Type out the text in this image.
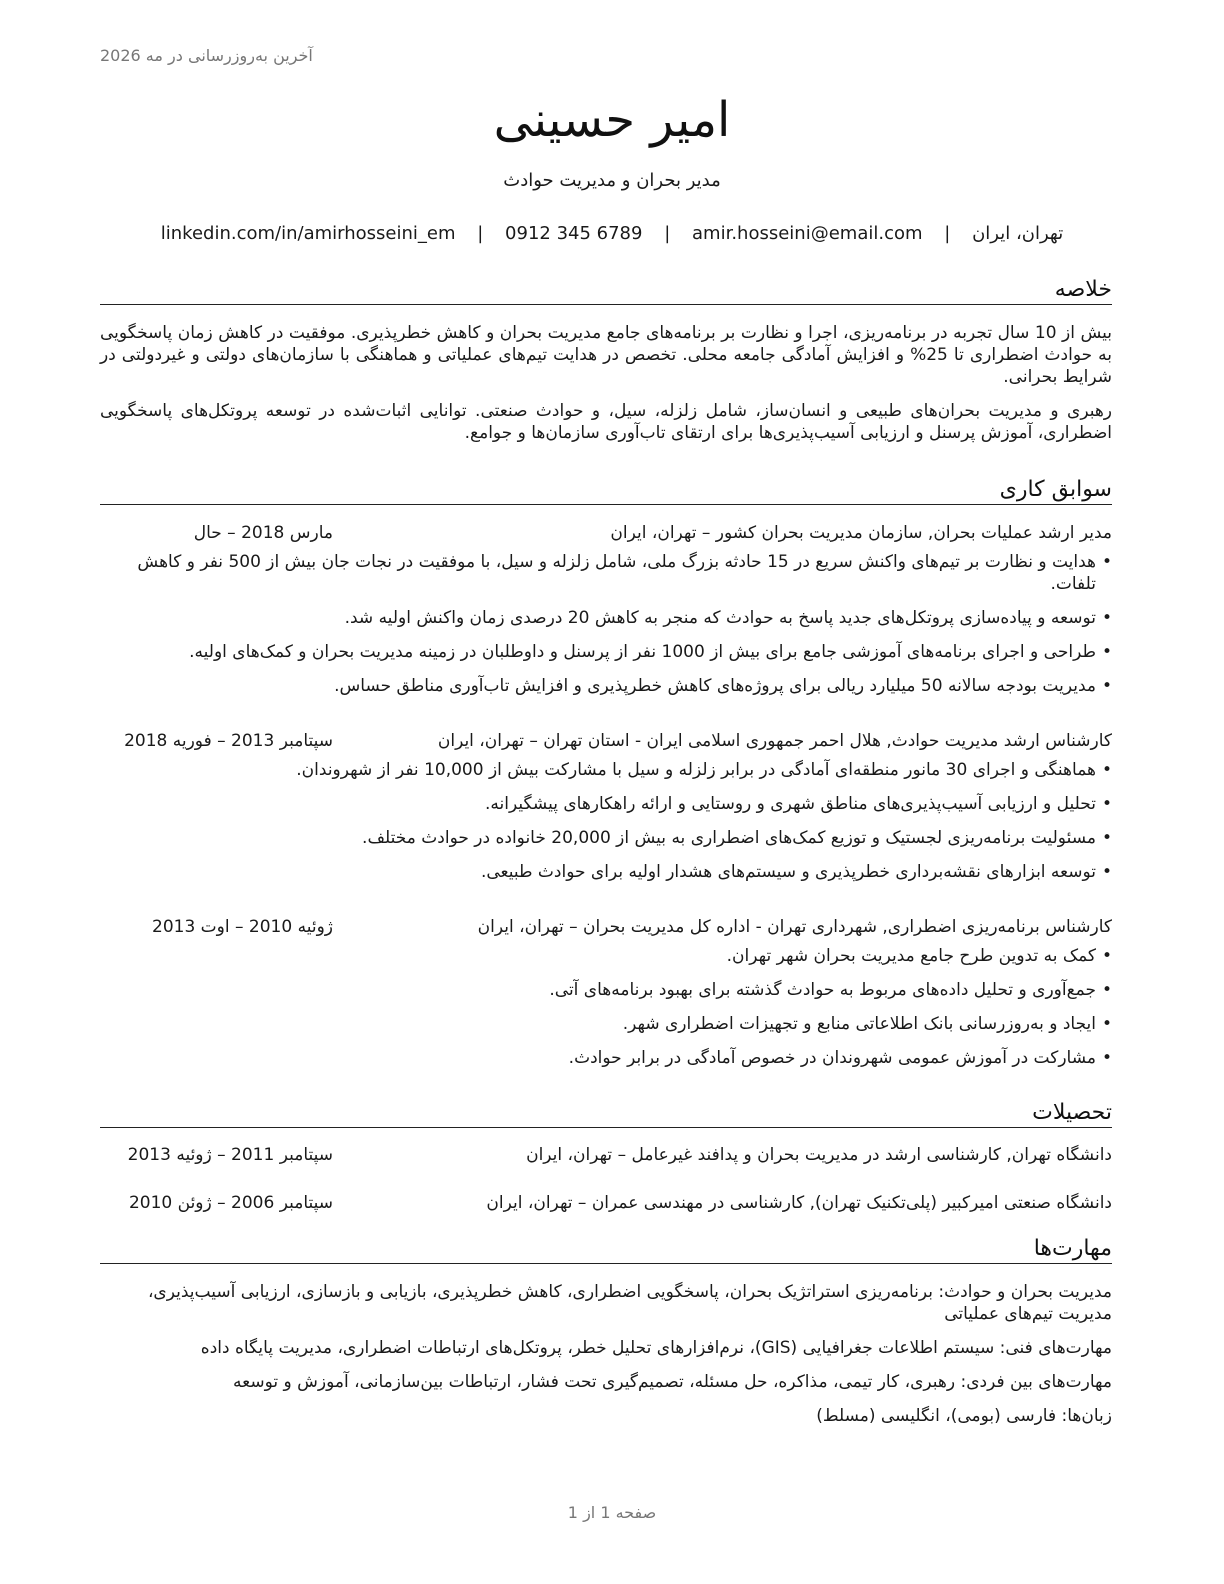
آخرین به‌روزرسانی در مه 2026
امیر حسینی
مدیر بحران و مدیریت حوادث
تهران، ایران | amir.hosseini@email.com | 0912 345 6789 | linkedin.com/in/amirhosseini_em
خلاصه

بیش از 10 سال تجربه در برنامه‌ریزی، اجرا و نظارت بر برنامه‌های جامع مدیریت بحران و کاهش خطرپذیری. موفقیت در کاهش زمان پاسخگویی به حوادث اضطراری تا 25% و افزایش آمادگی جامعه محلی. تخصص در هدایت تیم‌های عملیاتی و هماهنگی با سازمان‌های دولتی و غیردولتی در شرایط بحرانی.

رهبری و مدیریت بحران‌های طبیعی و انسان‌ساز، شامل زلزله، سیل، و حوادث صنعتی. توانایی اثبات‌شده در توسعه پروتکل‌های پاسخگویی اضطراری، آموزش پرسنل و ارزیابی آسیب‌پذیری‌ها برای ارتقای تاب‌آوری سازمان‌ها و جوامع.

سوابق کاری
مدیر ارشد عملیات بحران, سازمان مدیریت بحران کشور – تهران، ایران
مارس 2018 – حال
• هدایت و نظارت بر تیم‌های واکنش سریع در 15 حادثه بزرگ ملی، شامل زلزله و سیل، با موفقیت در نجات جان بیش از 500 نفر و کاهش تلفات.
• توسعه و پیاده‌سازی پروتکل‌های جدید پاسخ به حوادث که منجر به کاهش 20 درصدی زمان واکنش اولیه شد.
• طراحی و اجرای برنامه‌های آموزشی جامع برای بیش از 1000 نفر از پرسنل و داوطلبان در زمینه مدیریت بحران و کمک‌های اولیه.
• مدیریت بودجه سالانه 50 میلیارد ریالی برای پروژه‌های کاهش خطرپذیری و افزایش تاب‌آوری مناطق حساس.
کارشناس ارشد مدیریت حوادث, هلال احمر جمهوری اسلامی ایران - استان تهران – تهران، ایران
سپتامبر 2013 – فوریه 2018
• هماهنگی و اجرای 30 مانور منطقه‌ای آمادگی در برابر زلزله و سیل با مشارکت بیش از 10,000 نفر از شهروندان.
• تحلیل و ارزیابی آسیب‌پذیری‌های مناطق شهری و روستایی و ارائه راهکارهای پیشگیرانه.
• مسئولیت برنامه‌ریزی لجستیک و توزیع کمک‌های اضطراری به بیش از 20,000 خانواده در حوادث مختلف.
• توسعه ابزارهای نقشه‌برداری خطرپذیری و سیستم‌های هشدار اولیه برای حوادث طبیعی.
کارشناس برنامه‌ریزی اضطراری, شهرداری تهران - اداره کل مدیریت بحران – تهران، ایران
ژوئیه 2010 – اوت 2013
• کمک به تدوین طرح جامع مدیریت بحران شهر تهران.
• جمع‌آوری و تحلیل داده‌های مربوط به حوادث گذشته برای بهبود برنامه‌های آتی.
• ایجاد و به‌روزرسانی بانک اطلاعاتی منابع و تجهیزات اضطراری شهر.
• مشارکت در آموزش عمومی شهروندان در خصوص آمادگی در برابر حوادث.
تحصیلات
دانشگاه تهران, کارشناسی ارشد در مدیریت بحران و پدافند غیرعامل – تهران، ایران
سپتامبر 2011 – ژوئیه 2013
دانشگاه صنعتی امیرکبیر (پلی‌تکنیک تهران), کارشناسی در مهندسی عمران – تهران، ایران
سپتامبر 2006 – ژوئن 2010
مهارت‌ها
مدیریت بحران و حوادث: برنامه‌ریزی استراتژیک بحران، پاسخگویی اضطراری، کاهش خطرپذیری، بازیابی و بازسازی، ارزیابی آسیب‌پذیری، مدیریت تیم‌های عملیاتی
مهارت‌های فنی: سیستم اطلاعات جغرافیایی (GIS)، نرم‌افزارهای تحلیل خطر، پروتکل‌های ارتباطات اضطراری، مدیریت پایگاه داده
مهارت‌های بین فردی: رهبری، کار تیمی، مذاکره، حل مسئله، تصمیم‌گیری تحت فشار، ارتباطات بین‌سازمانی، آموزش و توسعه
زبان‌ها: فارسی (بومی)، انگلیسی (مسلط)
صفحه 1 از 1
